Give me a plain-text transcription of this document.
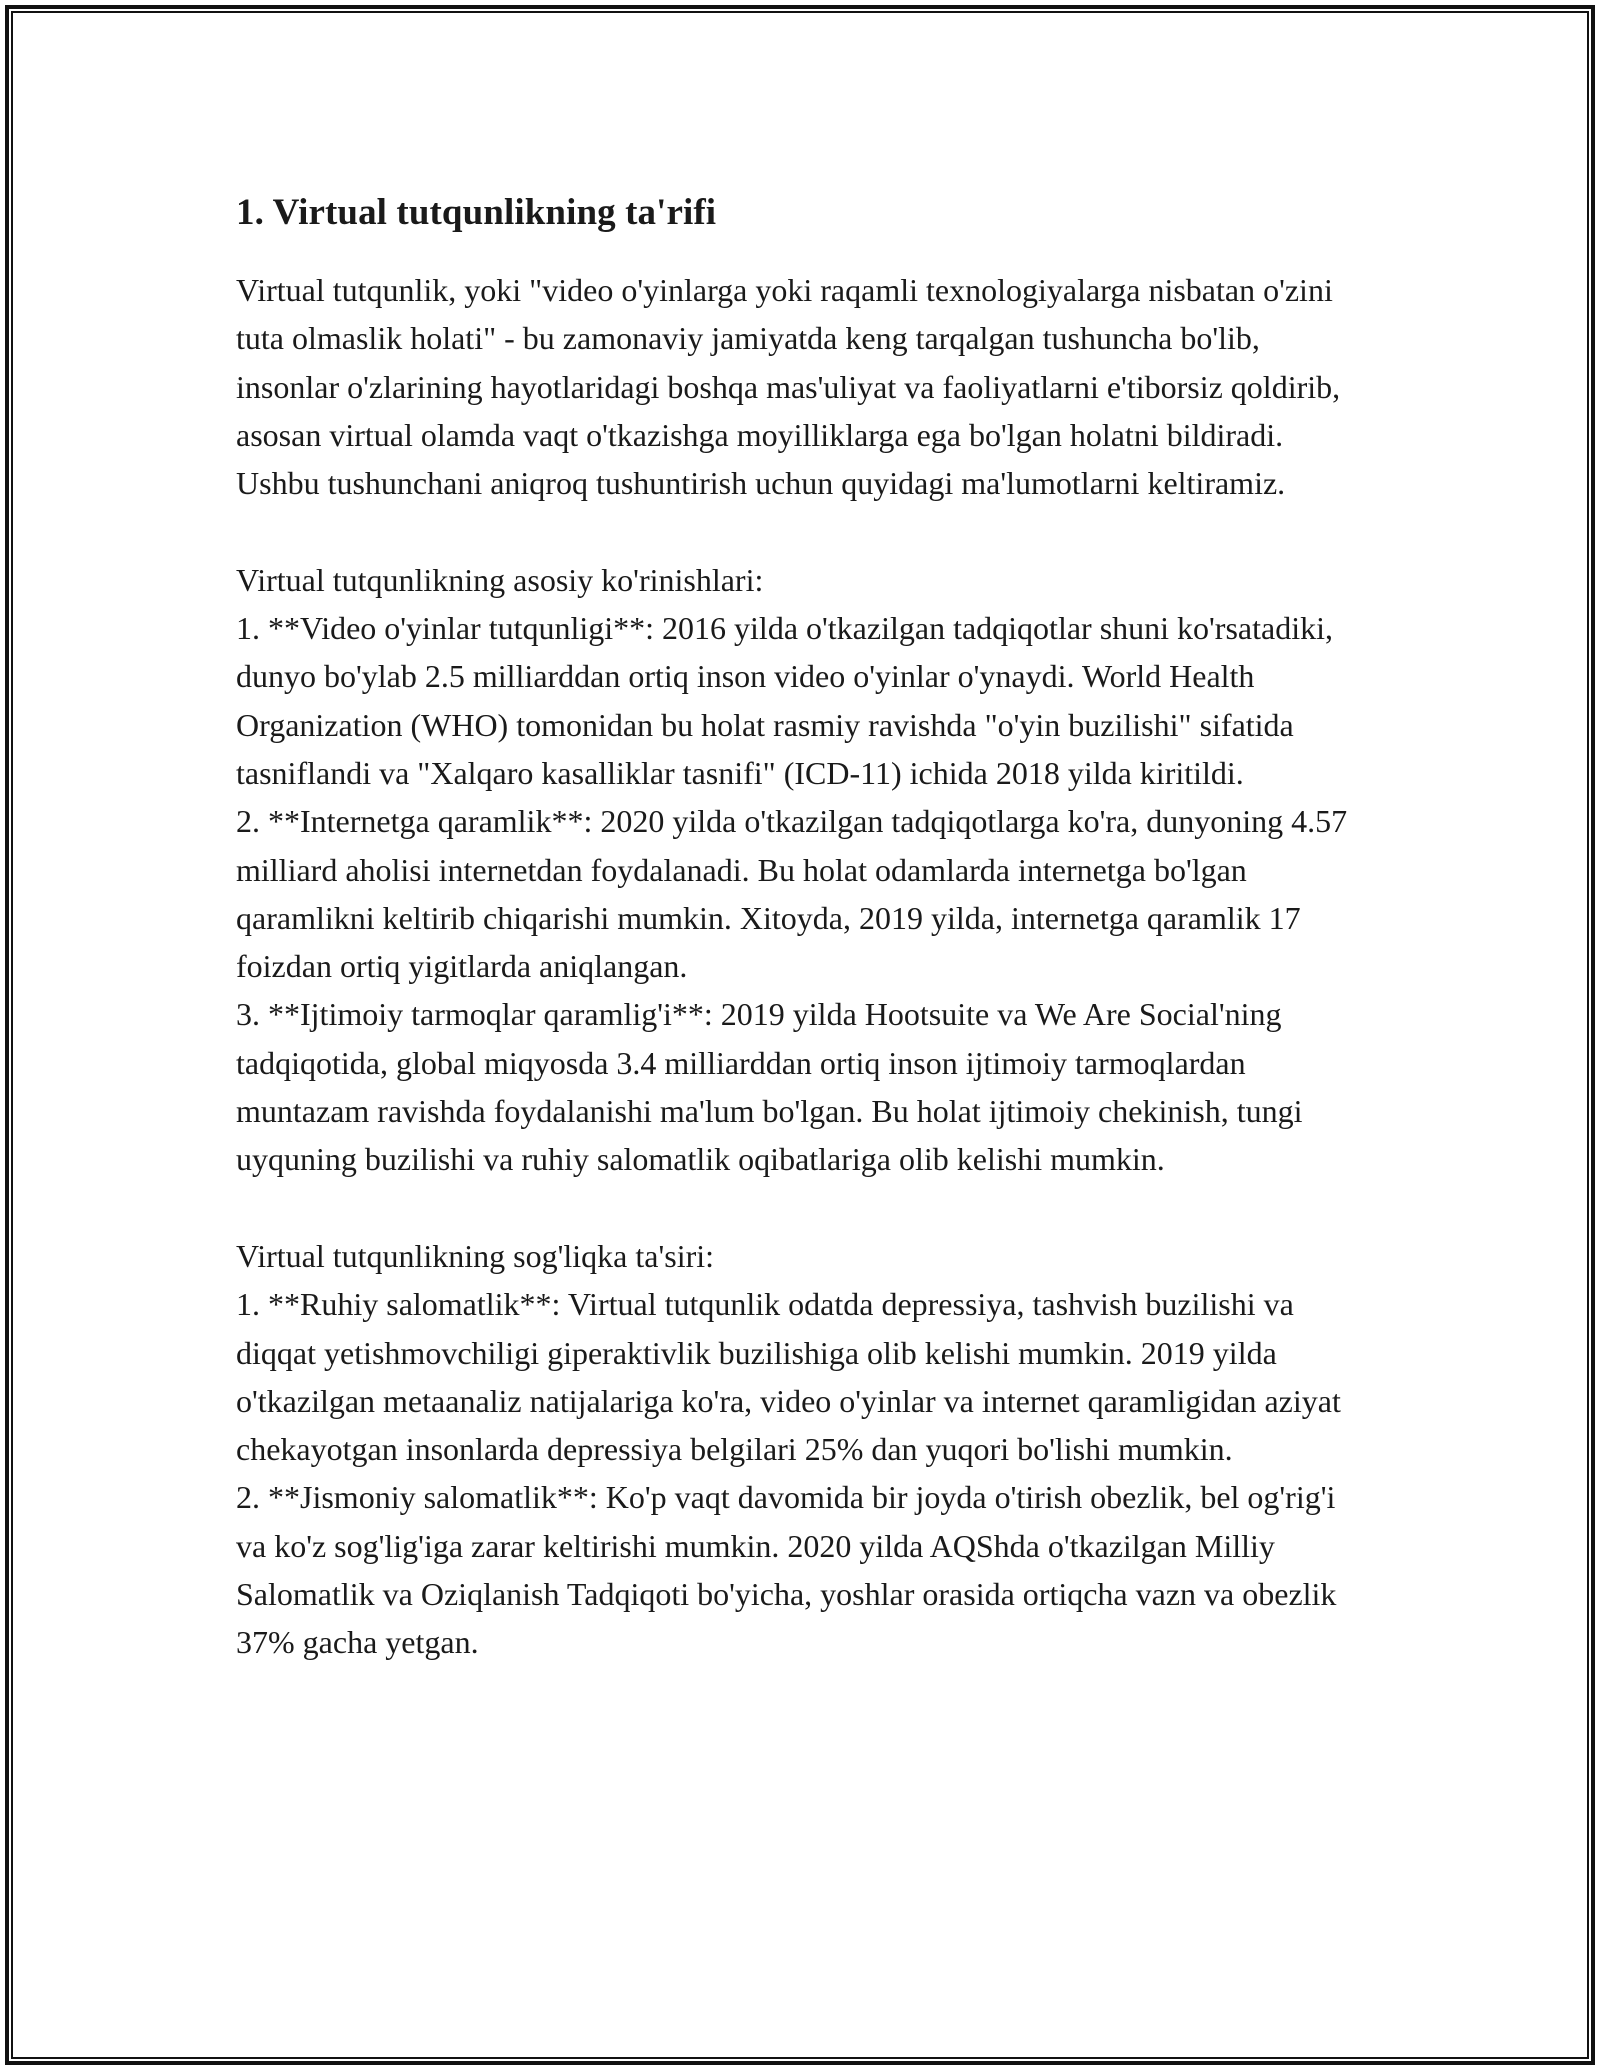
1. Virtual tutqunlikning ta'rifi

Virtual tutqunlik, yoki "video o'yinlarga yoki raqamli texnologiyalarga nisbatan o'zini tuta olmaslik holati" - bu zamonaviy jamiyatda keng tarqalgan tushuncha bo'lib, insonlar o'zlarining hayotlaridagi boshqa mas'uliyat va faoliyatlarni e'tiborsiz qoldirib, asosan virtual olamda vaqt o'tkazishga moyilliklarga ega bo'lgan holatni bildiradi. Ushbu tushunchani aniqroq tushuntirish uchun quyidagi ma'lumotlarni keltiramiz.

Virtual tutqunlikning asosiy ko'rinishlari:

1. **Video o'yinlar tutqunligi**: 2016 yilda o'tkazilgan tadqiqotlar shuni ko'rsatadiki, dunyo bo'ylab 2.5 milliarddan ortiq inson video o'yinlar o'ynaydi. World Health Organization (WHO) tomonidan bu holat rasmiy ravishda "o'yin buzilishi" sifatida tasniflandi va "Xalqaro kasalliklar tasnifi" (ICD-11) ichida 2018 yilda kiritildi.

2. **Internetga qaramlik**: 2020 yilda o'tkazilgan tadqiqotlarga ko'ra, dunyoning 4.57 milliard aholisi internetdan foydalanadi. Bu holat odamlarda internetga bo'lgan qaramlikni keltirib chiqarishi mumkin. Xitoyda, 2019 yilda, internetga qaramlik 17 foizdan ortiq yigitlarda aniqlangan.

3. **Ijtimoiy tarmoqlar qaramlig'i**: 2019 yilda Hootsuite va We Are Social'ning tadqiqotida, global miqyosda 3.4 milliarddan ortiq inson ijtimoiy tarmoqlardan muntazam ravishda foydalanishi ma'lum bo'lgan. Bu holat ijtimoiy chekinish, tungi uyquning buzilishi va ruhiy salomatlik oqibatlariga olib kelishi mumkin.

Virtual tutqunlikning sog'liqka ta'siri:

1. **Ruhiy salomatlik**: Virtual tutqunlik odatda depressiya, tashvish buzilishi va diqqat yetishmovchiligi giperaktivlik buzilishiga olib kelishi mumkin. 2019 yilda o'tkazilgan metaanaliz natijalariga ko'ra, video o'yinlar va internet qaramligidan aziyat chekayotgan insonlarda depressiya belgilari 25% dan yuqori bo'lishi mumkin.

2. **Jismoniy salomatlik**: Ko'p vaqt davomida bir joyda o'tirish obezlik, bel og'rig'i va ko'z sog'lig'iga zarar keltirishi mumkin. 2020 yilda AQShda o'tkazilgan Milliy Salomatlik va Oziqlanish Tadqiqoti bo'yicha, yoshlar orasida ortiqcha vazn va obezlik 37% gacha yetgan.
